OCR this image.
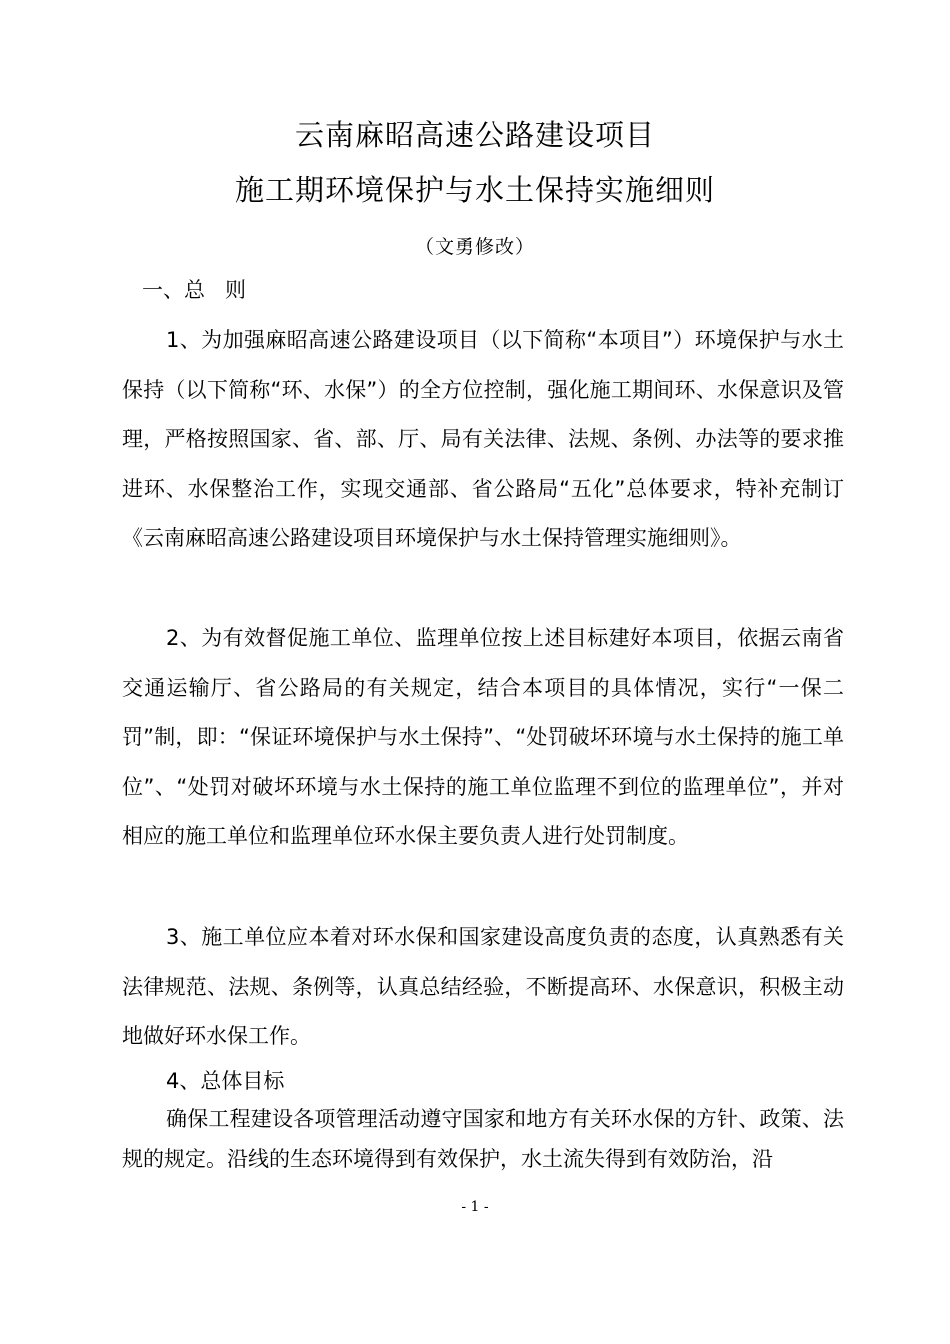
云南麻昭高速公路建设项目
施工期环境保护与水土保持实施细则
（文勇修改）
一、总   则

1、为加强麻昭高速公路建设项目（以下简称“本项目”）环境保护与水土保持（以下简称“环、水保”）的全方位控制，强化施工期间环、水保意识及管理，严格按照国家、省、部、厅、局有关法律、法规、条例、办法等的要求推进环、水保整治工作，实现交通部、省公路局“五化”总体要求，特补充制订《云南麻昭高速公路建设项目环境保护与水土保持管理实施细则》。

2、为有效督促施工单位、监理单位按上述目标建好本项目，依据云南省交通运输厅、省公路局的有关规定，结合本项目的具体情况，实行“一保二罚”制，即：“保证环境保护与水土保持”、“处罚破坏环境与水土保持的施工单位”、“处罚对破坏环境与水土保持的施工单位监理不到位的监理单位”，并对相应的施工单位和监理单位环水保主要负责人进行处罚制度。

3、施工单位应本着对环水保和国家建设高度负责的态度，认真熟悉有关法律规范、法规、条例等，认真总结经验，不断提高环、水保意识，积极主动地做好环水保工作。

4、总体目标

确保工程建设各项管理活动遵守国家和地方有关环水保的方针、政策、法规的规定。沿线的生态环境得到有效保护，水土流失得到有效防治，沿

- 1 -
